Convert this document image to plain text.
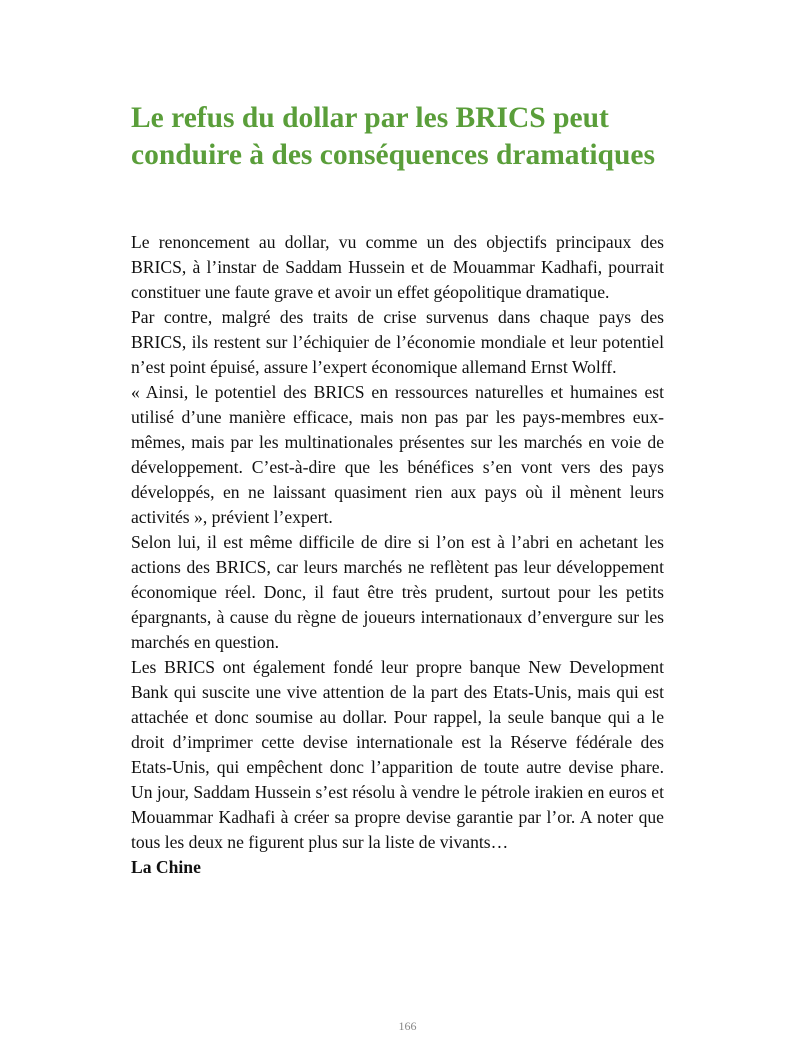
Le refus du dollar par les BRICS peut conduire à des conséquences dramatiques

Le renoncement au dollar, vu comme un des objectifs principaux des BRICS, à l’instar de Saddam Hussein et de Mouammar Kadhafi, pourrait constituer une faute grave et avoir un effet géopolitique dramatique.

Par contre, malgré des traits de crise survenus dans chaque pays des BRICS, ils restent sur l’échiquier de l’économie mondiale et leur potentiel n’est point épuisé, assure l’expert économique allemand Ernst Wolff.

« Ainsi, le potentiel des BRICS en ressources naturelles et humaines est utilisé d’une manière efficace, mais non pas par les pays-membres eux-mêmes, mais par les multinationales présentes sur les marchés en voie de développement. C’est-à-dire que les bénéfices s’en vont vers des pays développés, en ne laissant quasiment rien aux pays où il mènent leurs activités », prévient l’expert.

Selon lui, il est même difficile de dire si l’on est à l’abri en achetant les actions des BRICS, car leurs marchés ne reflètent pas leur développement économique réel. Donc, il faut être très prudent, surtout pour les petits épargnants, à cause du règne de joueurs internationaux d’envergure sur les marchés en question.

Les BRICS ont également fondé leur propre banque New Development Bank qui suscite une vive attention de la part des Etats-Unis, mais qui est attachée et donc soumise au dollar. Pour rappel, la seule banque qui a le droit d’imprimer cette devise internationale est la Réserve fédérale des Etats-Unis, qui empêchent donc l’apparition de toute autre devise phare. Un jour, Saddam Hussein s’est résolu à vendre le pétrole irakien en euros et Mouammar Kadhafi à créer sa propre devise garantie par l’or. A noter que tous les deux ne figurent plus sur la liste de vivants…

La Chine

166
